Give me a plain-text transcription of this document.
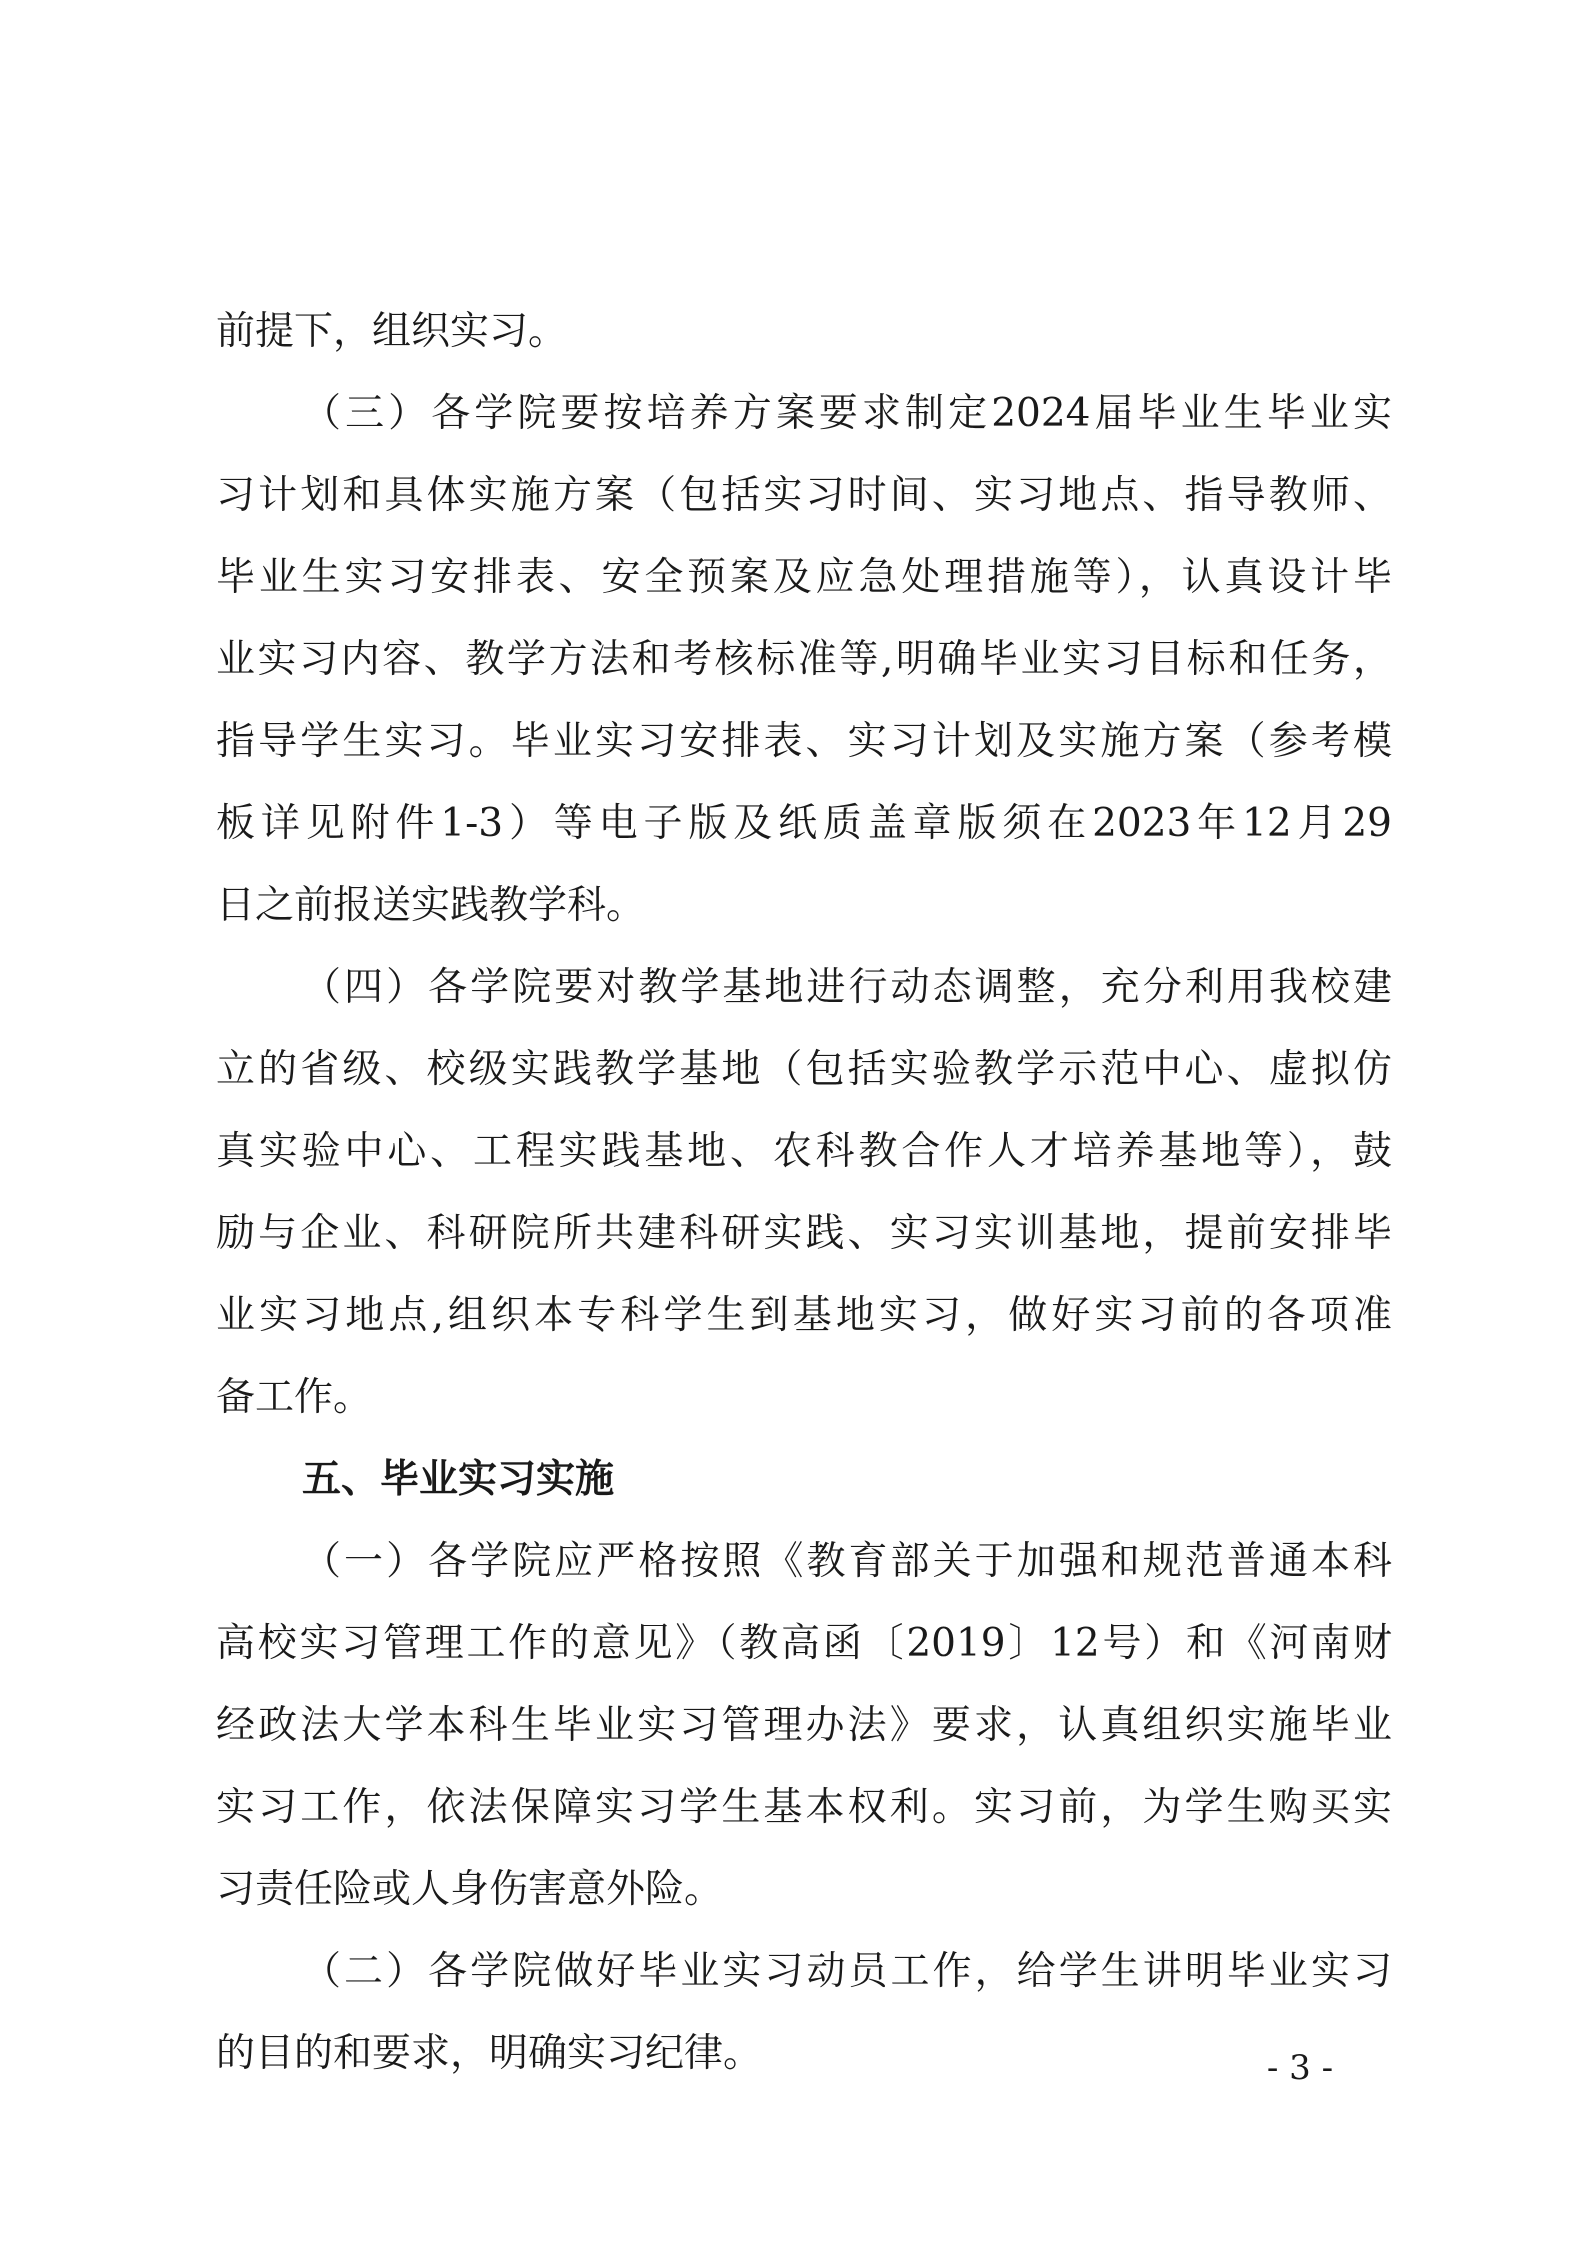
前提下，组织实习。
（三）各学院要按培养方案要求制定2024届毕业生毕业实
习计划和具体实施方案（包括实习时间、实习地点、指导教师、
毕业生实习安排表、安全预案及应急处理措施等），认真设计毕
业实习内容、教学方法和考核标准等,明确毕业实习目标和任务，
指导学生实习。毕业实习安排表、实习计划及实施方案（参考模
板详见附件1-3）等电子版及纸质盖章版须在2023年12月29
日之前报送实践教学科。
（四）各学院要对教学基地进行动态调整，充分利用我校建
立的省级、校级实践教学基地（包括实验教学示范中心、虚拟仿
真实验中心、工程实践基地、农科教合作人才培养基地等），鼓
励与企业、科研院所共建科研实践、实习实训基地，提前安排毕
业实习地点,组织本专科学生到基地实习，做好实习前的各项准
备工作。
五、毕业实习实施
（一）各学院应严格按照《教育部关于加强和规范普通本科
高校实习管理工作的意见》（教高函〔2019〕12号）和《河南财
经政法大学本科生毕业实习管理办法》要求，认真组织实施毕业
实习工作，依法保障实习学生基本权利。实习前，为学生购买实
习责任险或人身伤害意外险。
（二）各学院做好毕业实习动员工作，给学生讲明毕业实习
的目的和要求，明确实习纪律。	- 3 -
